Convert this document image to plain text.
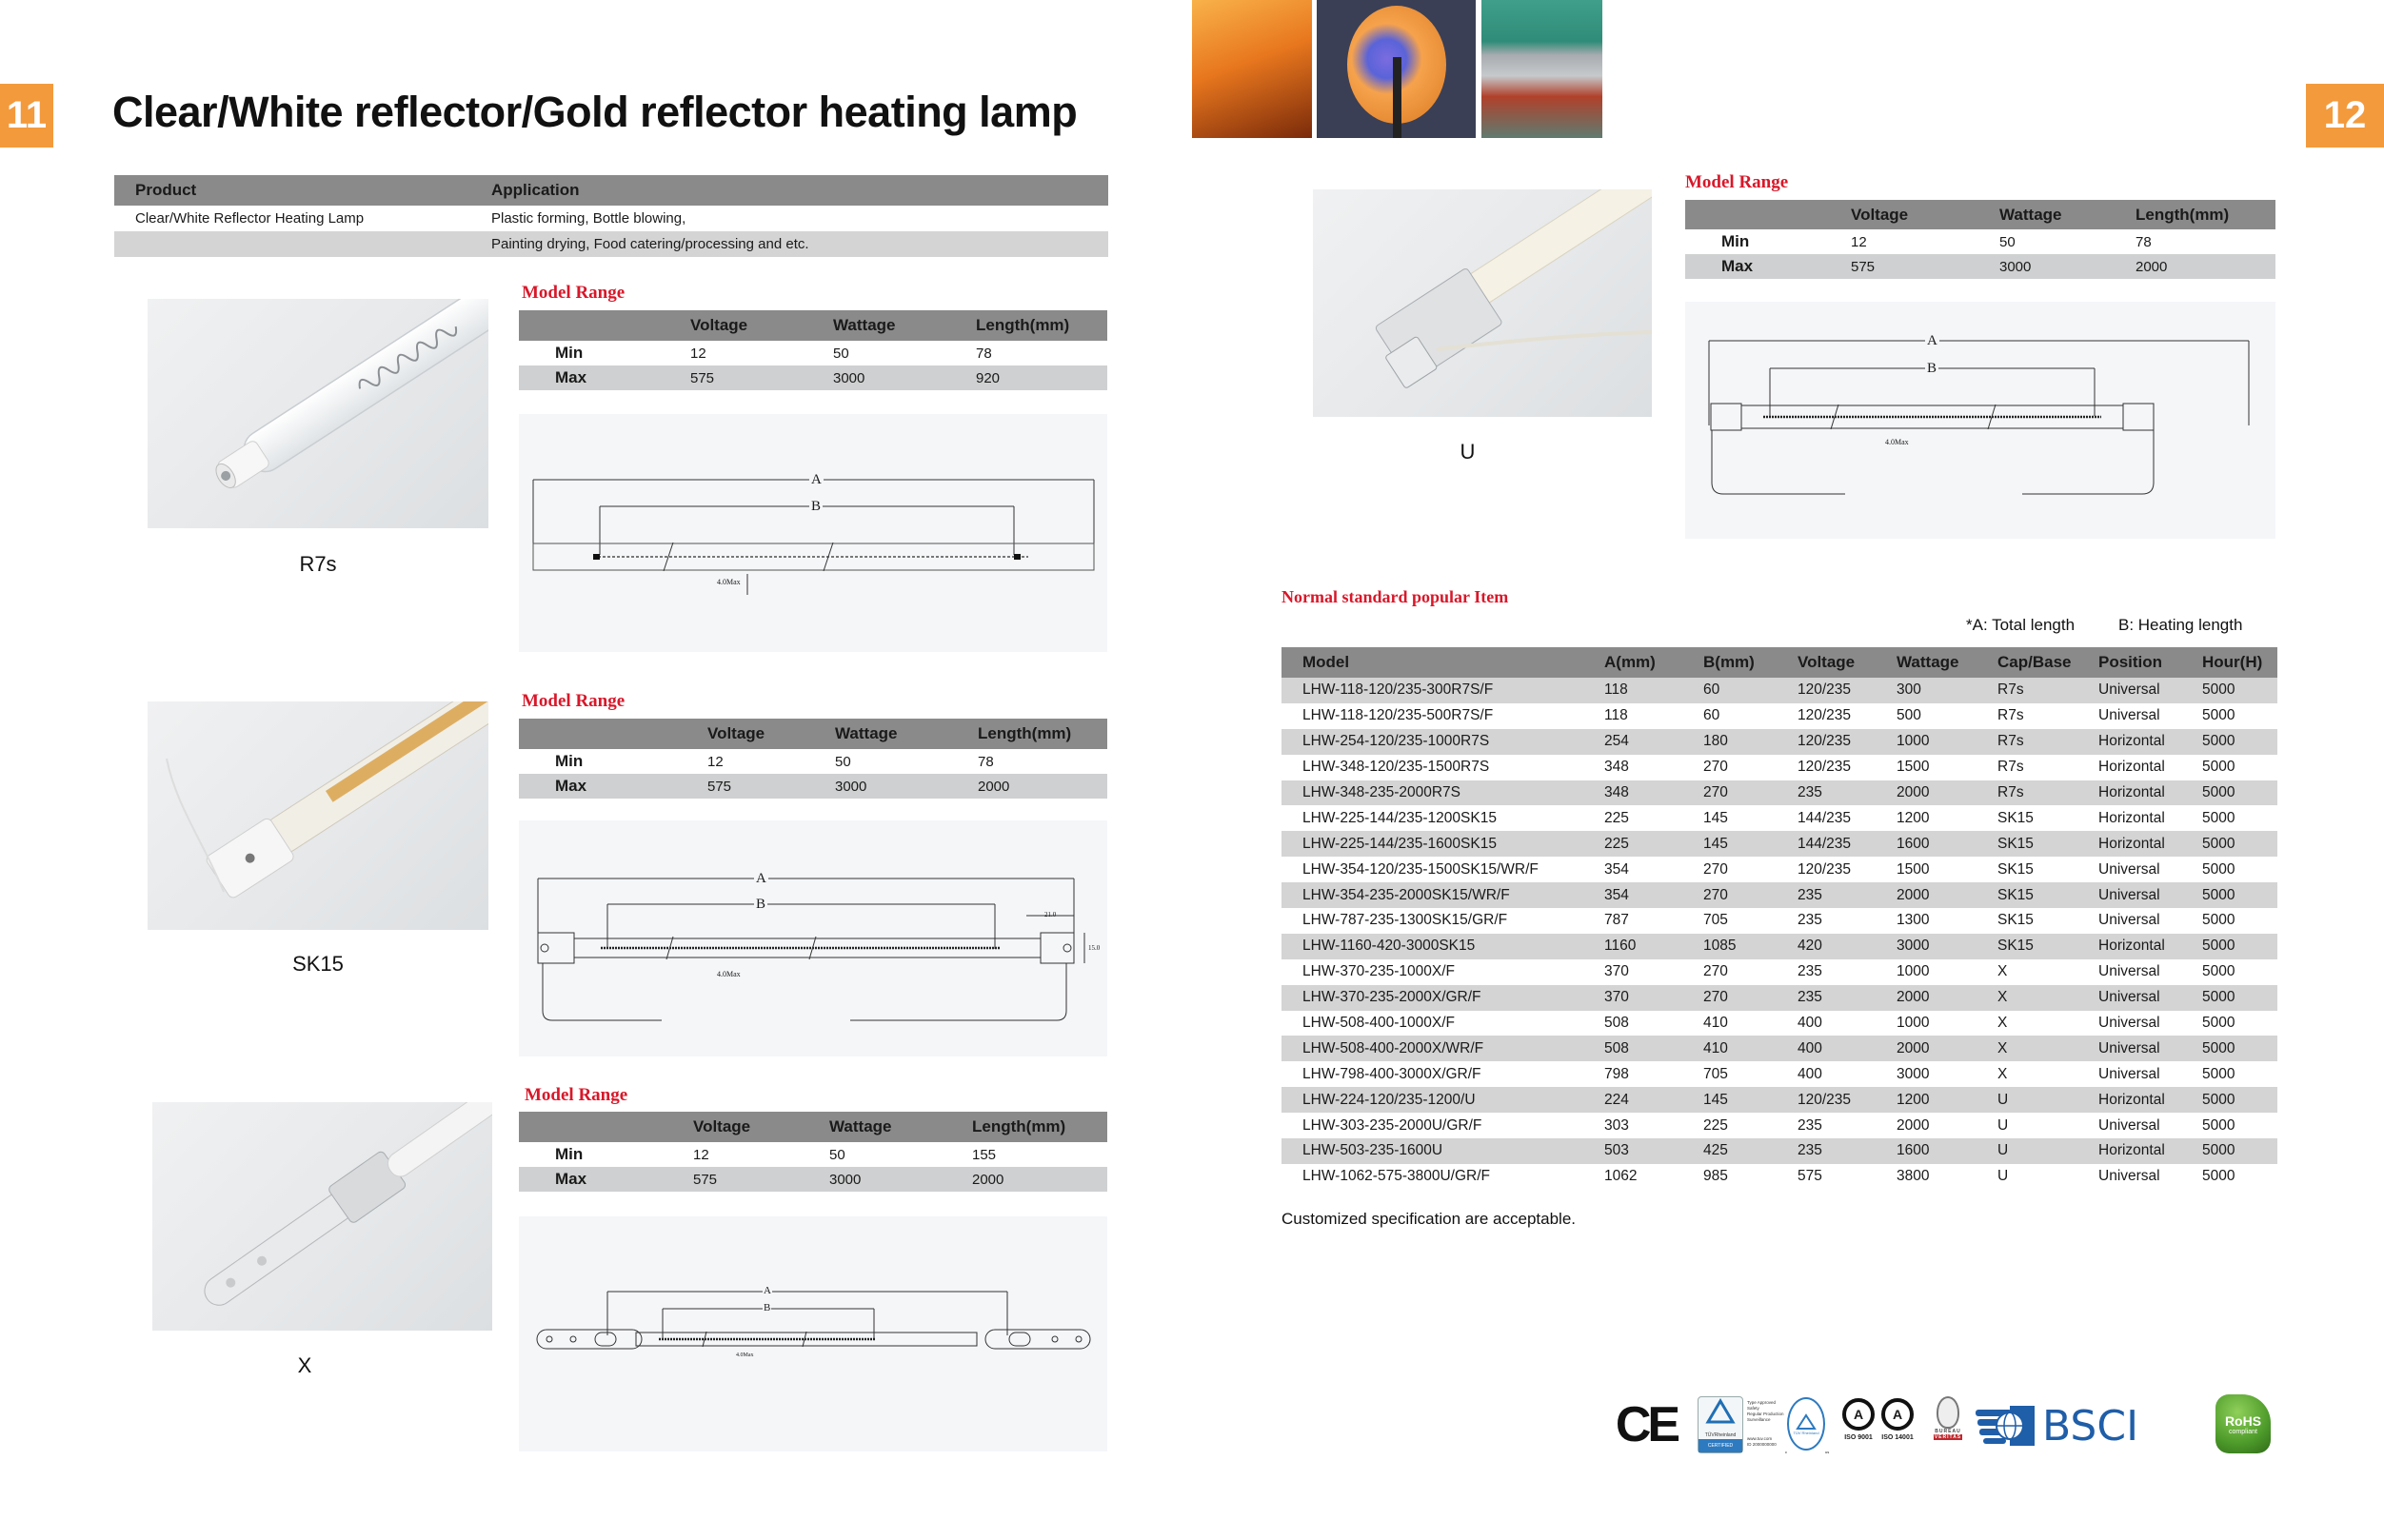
11 Clear/White reflector/Gold reflector heating lamp
Product	Application
Clear/White Reflector Heating Lamp	Plastic forming, Bottle blowing,
Painting drying, Food catering/processing and etc.
R7s
Model Range
Voltage	Wattage	Length(mm)
Min	12	50	78
Max	575	3000	920
A
B
4.0Max
SK15
Model Range
Voltage	Wattage	Length(mm)
Min	12	50	78
Max	575	3000	2000
A
B
4.0Max
21.0
15.0
X
Model Range
Voltage	Wattage	Length(mm)
Min	12	50	155
Max	575	3000	2000
A
B
4.0Max
12
U
Model Range
Voltage	Wattage	Length(mm)
Min	12	50	78
Max	575	3000	2000
A
B
4.0Max
Normal standard popular Item
*A: Total length	B: Heating length
Model	A(mm)	B(mm)	Voltage	Wattage	Cap/Base	Position	Hour(H)
LHW-118-120/235-300R7S/F	118	60	120/235	300	R7s	Universal	5000
LHW-118-120/235-500R7S/F	118	60	120/235	500	R7s	Universal	5000
LHW-254-120/235-1000R7S	254	180	120/235	1000	R7s	Horizontal	5000
LHW-348-120/235-1500R7S	348	270	120/235	1500	R7s	Horizontal	5000
LHW-348-235-2000R7S	348	270	235	2000	R7s	Horizontal	5000
LHW-225-144/235-1200SK15	225	145	144/235	1200	SK15	Horizontal	5000
LHW-225-144/235-1600SK15	225	145	144/235	1600	SK15	Horizontal	5000
LHW-354-120/235-1500SK15/WR/F	354	270	120/235	1500	SK15	Universal	5000
LHW-354-235-2000SK15/WR/F	354	270	235	2000	SK15	Universal	5000
LHW-787-235-1300SK15/GR/F	787	705	235	1300	SK15	Universal	5000
LHW-1160-420-3000SK15	1160	1085	420	3000	SK15	Horizontal	5000
LHW-370-235-1000X/F	370	270	235	1000	X	Universal	5000
LHW-370-235-2000X/GR/F	370	270	235	2000	X	Universal	5000
LHW-508-400-1000X/F	508	410	400	1000	X	Universal	5000
LHW-508-400-2000X/WR/F	508	410	400	2000	X	Universal	5000
LHW-798-400-3000X/GR/F	798	705	400	3000	X	Universal	5000
LHW-224-120/235-1200/U	224	145	120/235	1200	U	Horizontal	5000
LHW-303-235-2000U/GR/F	303	225	235	2000	U	Universal	5000
LHW-503-235-1600U	503	425	235	1600	U	Horizontal	5000
LHW-1062-575-3800U/GR/F	1062	985	575	3800	U	Universal	5000
Customized specification are acceptable.
CE	TÜVRheinland
CERTIFIED
Type Approved
Safety
Regular Production
Surveillance
www.tuv.com
ID 2000000000
TÜV Rheinland
c	us
A
ISO 9001
A
ISO 14001
BUREAU
VERITAS BSCI	RoHS
compliant
